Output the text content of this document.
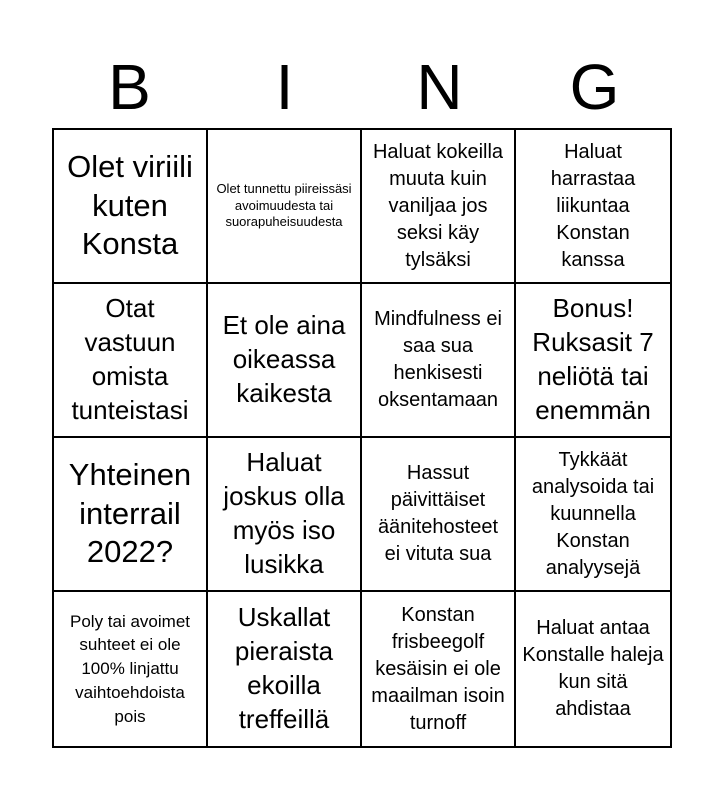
B	I	N	G
Olet viriili kuten Konsta
Olet tunnettu piireissäsi avoimuudesta tai suorapuheisuudesta
Haluat kokeilla muuta kuin vaniljaa jos seksi käy tylsäksi
Haluat harrastaa liikuntaa Konstan kanssa
Otat vastuun omista tunteistasi
Et ole aina oikeassa kaikesta
Mindfulness ei saa sua henkisesti oksentamaan
Bonus! Ruksasit 7 neliötä tai enemmän
Yhteinen interrail 2022?
Haluat joskus olla myös iso lusikka
Hassut päivittäiset äänitehosteet ei vituta sua
Tykkäät analysoida tai kuunnella Konstan analyysejä
Poly tai avoimet suhteet ei ole 100% linjattu vaihtoehdoista pois
Uskallat pieraista ekoilla treffeillä
Konstan frisbeegolf kesäisin ei ole maailman isoin turnoff
Haluat antaa Konstalle haleja kun sitä ahdistaa
